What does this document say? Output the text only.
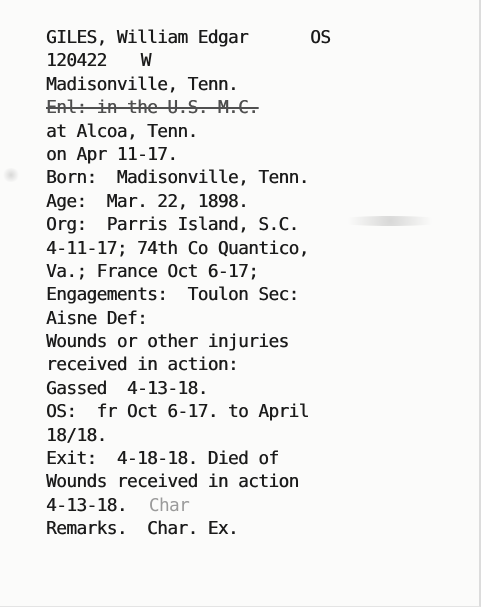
GILES, William Edgar	OS
120422 W
Madisonville, Tenn.
Enl: in the U.S. M.C.
at Alcoa, Tenn.
on Apr 11-17.
Born:  Madisonville, Tenn.
Age:  Mar. 22, 1898.
Org:  Parris Island, S.C.
4-11-17; 74th Co Quantico,
Va.; France Oct 6-17;
Engagements:  Toulon Sec:
Aisne Def:
Wounds or other injuries
received in action:
Gassed  4-13-18.
OS:  fr Oct 6-17. to April
18/18.
Exit:  4-18-18. Died of
Wounds received in action
4-13-18. Char
Remarks.  Char. Ex.
